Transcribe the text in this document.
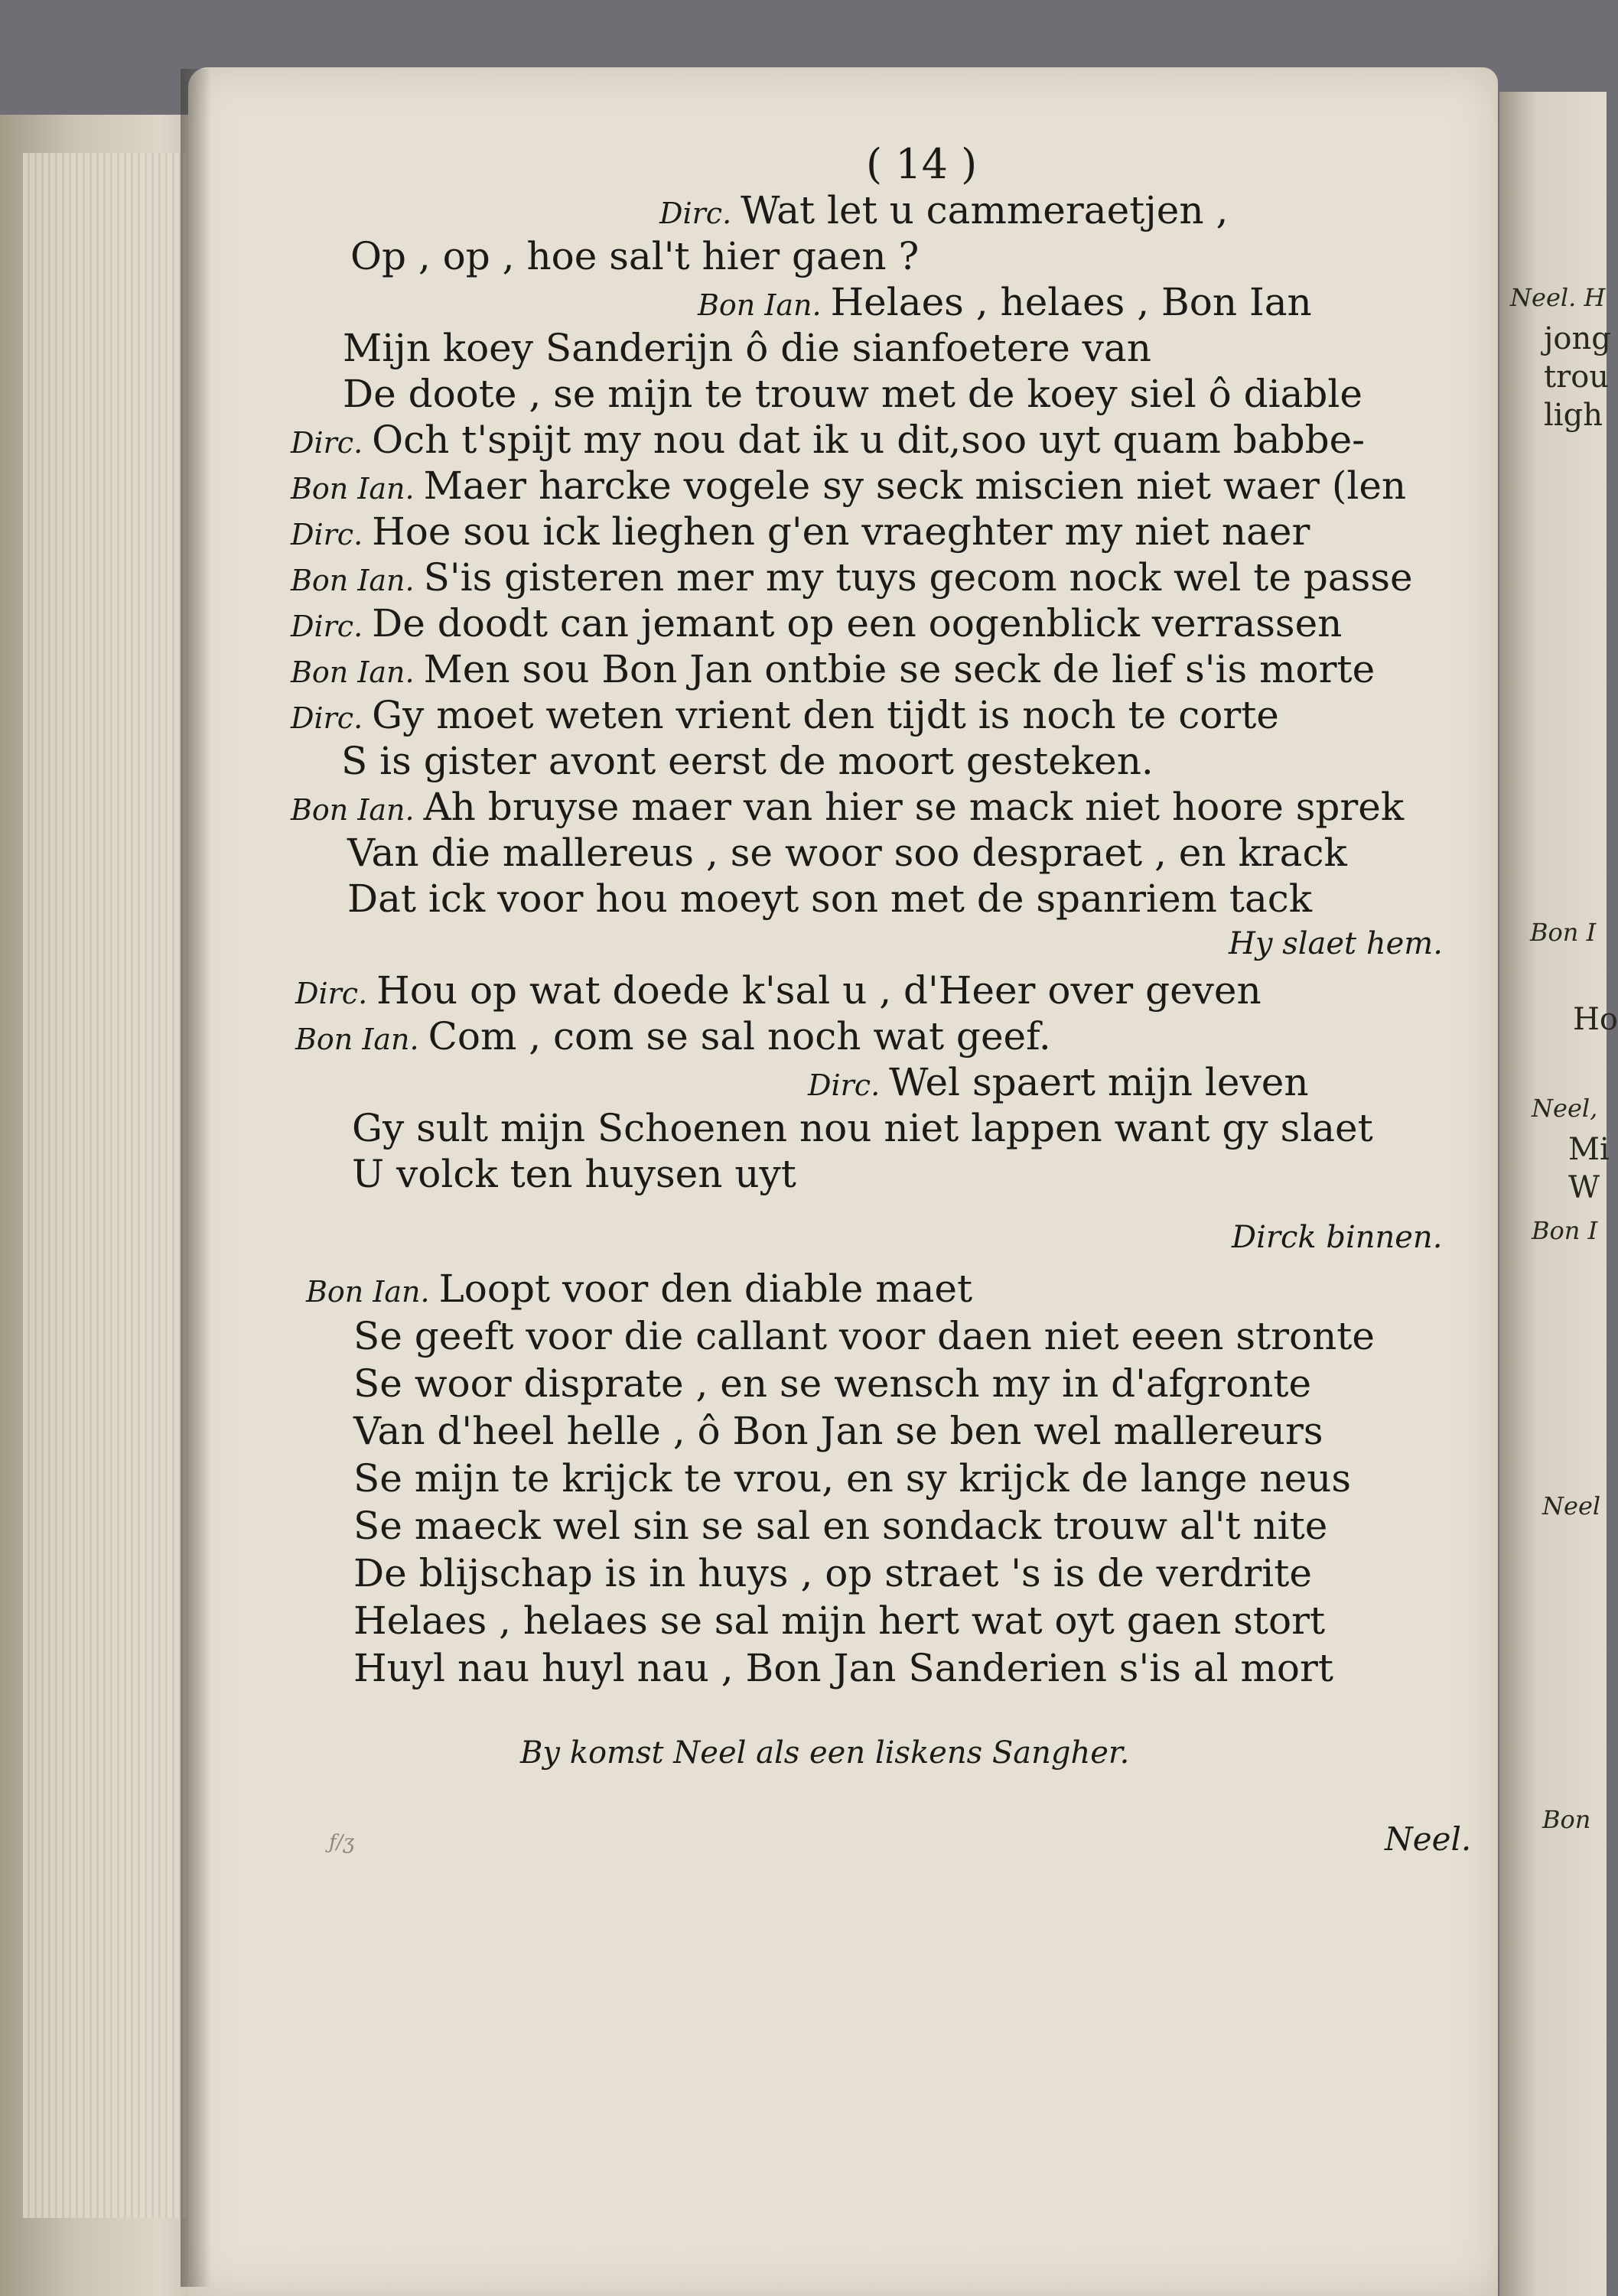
Neel. H
jong
trou
ligh
Bon I
Ho
Neel,
Mi
W
Bon I
Neel
Bon
( 14 )
Dirc. Wat let u cammeraetjen ,
Op , op , hoe sal't hier gaen ?
Bon Ian. Helaes , helaes , Bon Ian
Mijn koey Sanderijn ô die sianfoetere van
De doote , se mijn te trouw met de koey siel ô diable
Dirc. Och t'spijt my nou dat ik u dit,soo uyt quam babbe-
Bon Ian. Maer harcke vogele sy seck miscien niet waer (len
Dirc. Hoe sou ick lieghen g'en vraeghter my niet naer
Bon Ian. S'is gisteren mer my tuys gecom nock wel te passe
Dirc. De doodt can jemant op een oogenblick verrassen
Bon Ian. Men sou Bon Jan ontbie se seck de lief s'is morte
Dirc. Gy moet weten vrient den tijdt is noch te corte
S is gister avont eerst de moort gesteken.
Bon Ian. Ah bruyse maer van hier se mack niet hoore sprek
Van die mallereus , se woor soo despraet , en krack
Dat ick voor hou moeyt son met de spanriem tack
Hy slaet hem.
Dirc. Hou op wat doede k'sal u , d'Heer over geven
Bon Ian. Com , com se sal noch wat geef.
Dirc. Wel spaert mijn leven
Gy sult mijn Schoenen nou niet lappen want gy slaet
U volck ten huysen uyt
Dirck binnen.
Bon Ian. Loopt voor den diable maet
Se geeft voor die callant voor daen niet eeen stronte
Se woor disprate , en se wensch my in d'afgronte
Van d'heel helle , ô Bon Jan se ben wel mallereurs
Se mijn te krijck te vrou, en sy krijck de lange neus
Se maeck wel sin se sal en sondack trouw al't nite
De blijschap is in huys , op straet 's is de verdrite
Helaes , helaes se sal mijn hert wat oyt gaen stort
Huyl nau huyl nau , Bon Jan Sanderien s'is al mort
By komst Neel als een liskens Sangher.
ƒ/ʒ	Neel.
